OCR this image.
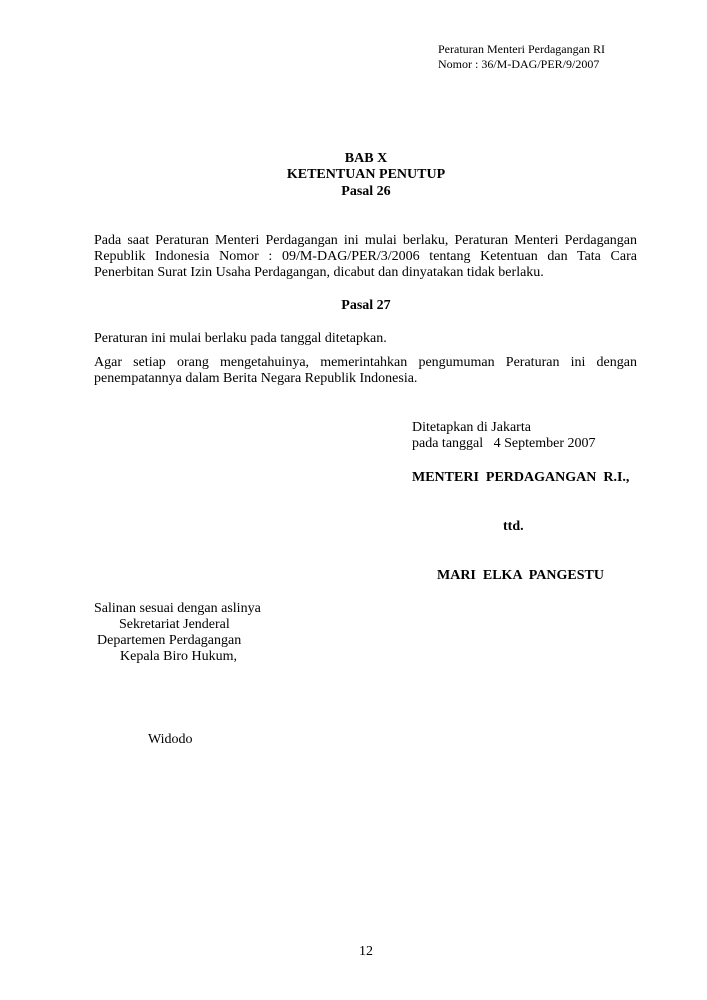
Peraturan Menteri Perdagangan RI
Nomor : 36/M-DAG/PER/9/2007
BAB X
KETENTUAN PENUTUP
Pasal 26
Pada saat Peraturan Menteri Perdagangan ini mulai berlaku, Peraturan Menteri Perdagangan
Republik Indonesia Nomor : 09/M-DAG/PER/3/2006 tentang Ketentuan dan Tata Cara
Penerbitan Surat Izin Usaha Perdagangan, dicabut dan dinyatakan tidak berlaku.
Pasal 27
Peraturan ini mulai berlaku pada tanggal ditetapkan.
Agar setiap orang mengetahuinya, memerintahkan pengumuman Peraturan ini dengan
penempatannya dalam Berita Negara Republik Indonesia.
Ditetapkan di Jakarta
pada tanggal   4 September 2007
MENTERI  PERDAGANGAN  R.I.,
ttd.
MARI  ELKA  PANGESTU
Salinan sesuai dengan aslinya
Sekretariat Jenderal
Departemen Perdagangan
Kepala Biro Hukum,
Widodo
12
